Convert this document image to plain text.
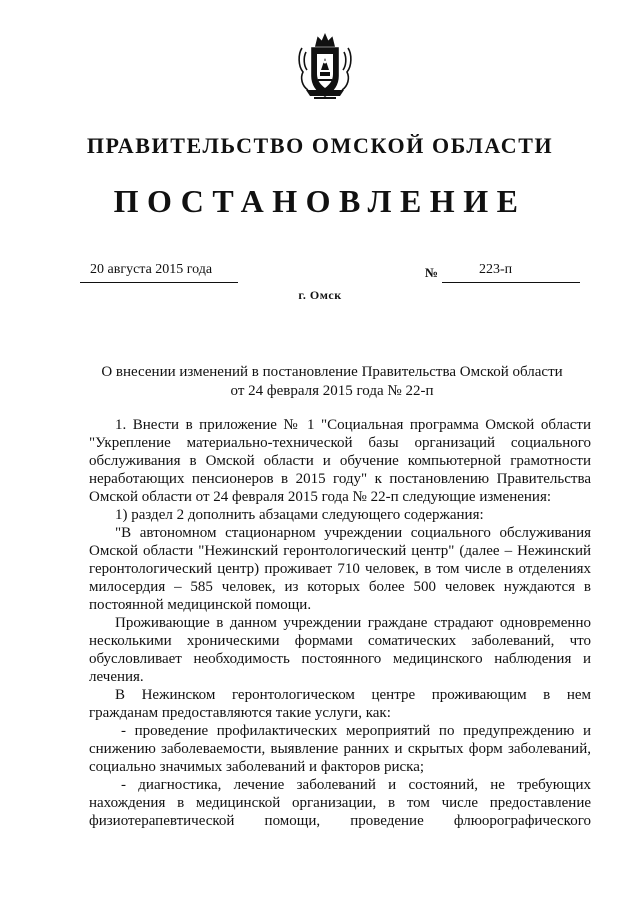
ПРАВИТЕЛЬСТВО ОМСКОЙ ОБЛАСТИ
ПОСТАНОВЛЕНИЕ
20 августа 2015 года	№	223-п
г. Омск
О внесении изменений в постановление Правительства Омской области
от 24 февраля 2015 года № 22-п
1. Внести в приложение № 1 "Социальная программа Омской области
"Укрепление материально-технической базы организаций социального
обслуживания в Омской области и обучение компьютерной грамотности
неработающих пенсионеров в 2015 году" к постановлению Правительства
Омской области от 24 февраля 2015 года № 22-п следующие изменения:
1) раздел 2 дополнить абзацами следующего содержания:
"В автономном стационарном учреждении социального обслуживания
Омской области "Нежинский геронтологический центр" (далее – Нежинский
геронтологический центр) проживает 710 человек, в том числе в отделениях
милосердия – 585 человек, из которых более 500 человек нуждаются в
постоянной медицинской помощи.
Проживающие в данном учреждении граждане страдают одновременно
несколькими хроническими формами соматических заболеваний, что
обусловливает необходимость постоянного медицинского наблюдения и
лечения.
В Нежинском геронтологическом центре проживающим в нем
гражданам предоставляются такие услуги, как:
- проведение профилактических мероприятий по предупреждению и
снижению заболеваемости, выявление ранних и скрытых форм заболеваний,
социально значимых заболеваний и факторов риска;
- диагностика, лечение заболеваний и состояний, не требующих
нахождения в медицинской организации, в том числе предоставление
физиотерапевтической помощи, проведение флюорографического
